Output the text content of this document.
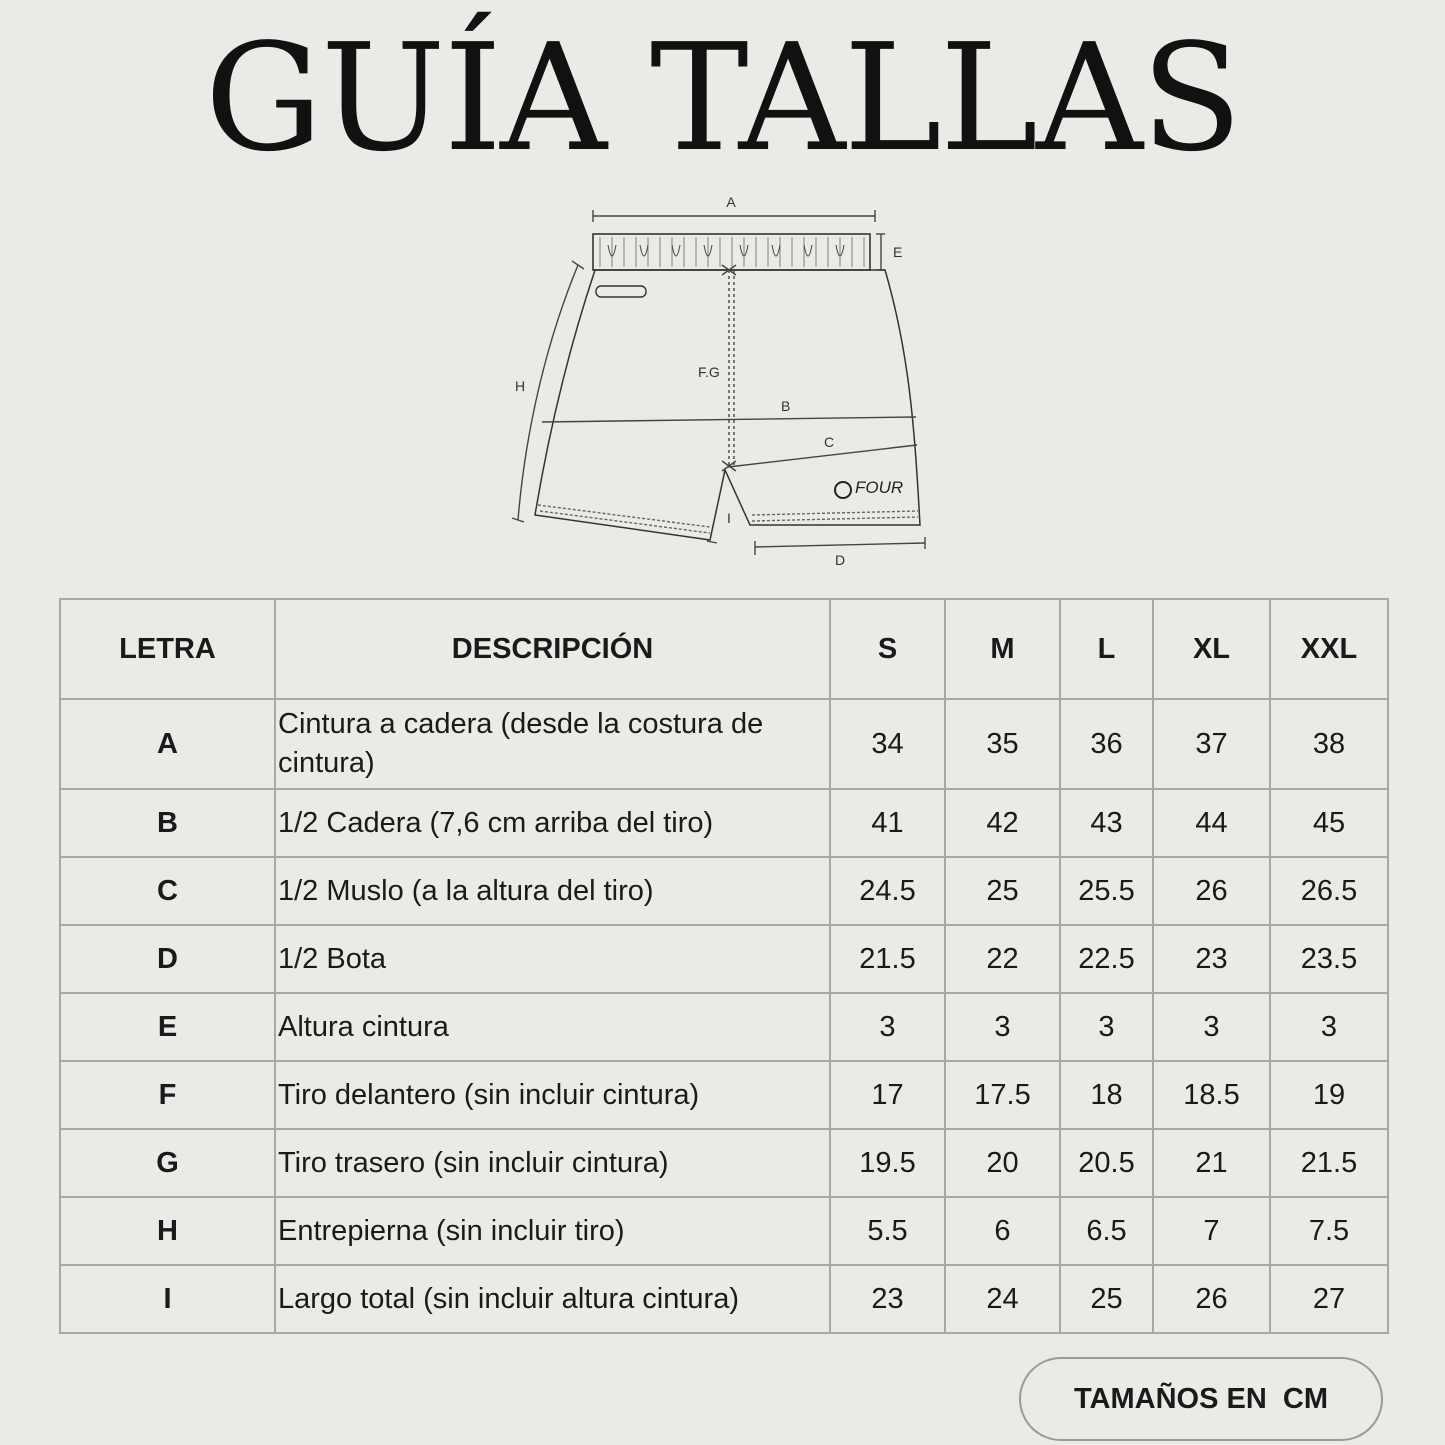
GUÍA TALLAS
A
E
F.G
B
C
H
I
D
FOUR
LETRA	DESCRIPCIÓN	S	M	L	XL	XXL
A	Cintura a cadera (desde la costura de cintura)	34	35	36	37	38
B	1/2 Cadera (7,6 cm arriba del tiro)	41	42	43	44	45
C	1/2 Muslo (a la altura del tiro)	24.5	25	25.5	26	26.5
D	1/2 Bota	21.5	22	22.5	23	23.5
E	Altura cintura	3	3	3	3	3
F	Tiro delantero (sin incluir cintura)	17	17.5	18	18.5	19
G	Tiro trasero (sin incluir cintura)	19.5	20	20.5	21	21.5
H	Entrepierna (sin incluir tiro)	5.5	6	6.5	7	7.5
I	Largo total (sin incluir altura cintura)	23	24	25	26	27
TAMAÑOS EN  CM
